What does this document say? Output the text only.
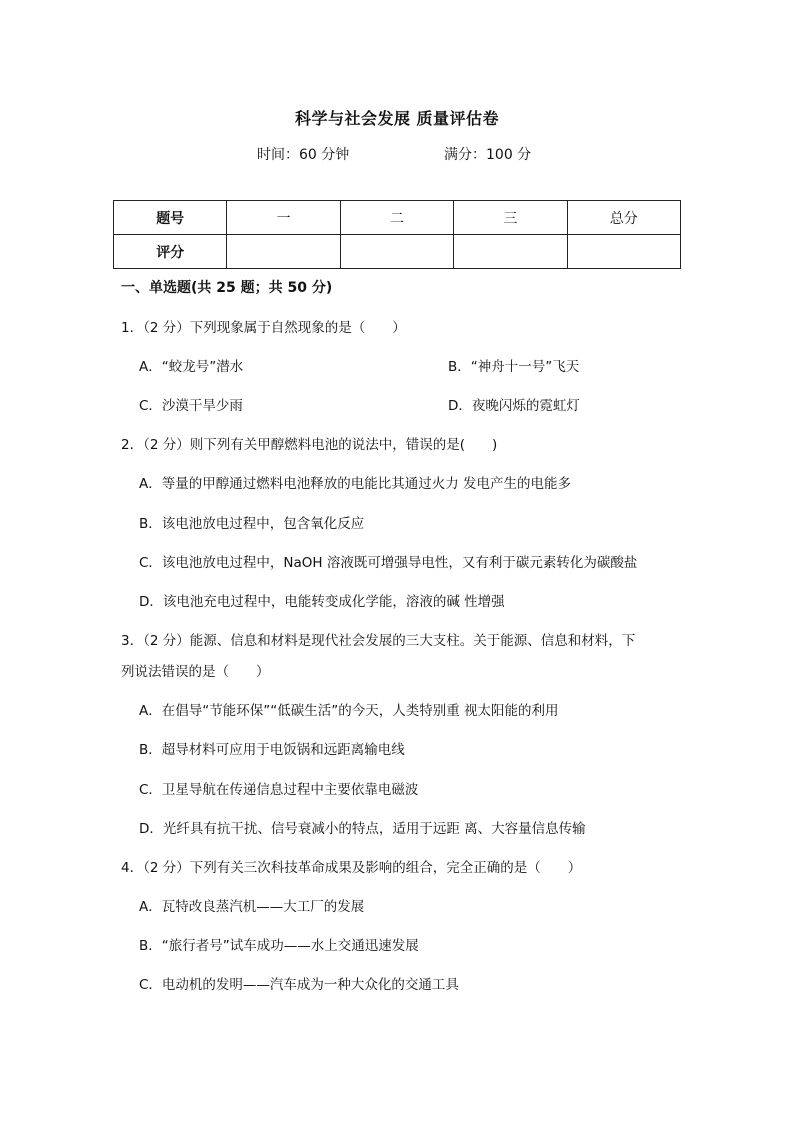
科学与社会发展 质量评估卷
时间：60 分钟	满分：100 分
题号	一	二	三	总分
评分				
一、单选题(共 25 题；共 50 分)
1．（2 分）下列现象属于自然现象的是（　　）
A．“蛟龙号”潜水	B．“神舟十一号”飞天
C．沙漠干旱少雨	D．夜晚闪烁的霓虹灯
2．（2 分）则下列有关甲醇燃料电池的说法中，错误的是(　　)
A．等量的甲醇通过燃料电池释放的电能比其通过火力 发电产生的电能多
B．该电池放电过程中，包含氧化反应
C．该电池放电过程中，NaOH 溶液既可增强导电性，又有利于碳元素转化为碳酸盐
D．该电池充电过程中，电能转变成化学能，溶液的碱 性增强
3．（2 分）能源、信息和材料是现代社会发展的三大支柱。关于能源、信息和材料，下
列说法错误的是（　　）
A．在倡导“节能环保”“低碳生活”的今天，人类特别重 视太阳能的利用
B．超导材料可应用于电饭锅和远距离输电线
C．卫星导航在传递信息过程中主要依靠电磁波
D．光纤具有抗干扰、信号衰减小的特点，适用于远距 离、大容量信息传输
4．（2 分）下列有关三次科技革命成果及影响的组合，完全正确的是（　　）
A．瓦特改良蒸汽机——大工厂的发展
B．“旅行者号”试车成功——水上交通迅速发展
C．电动机的发明——汽车成为一种大众化的交通工具
